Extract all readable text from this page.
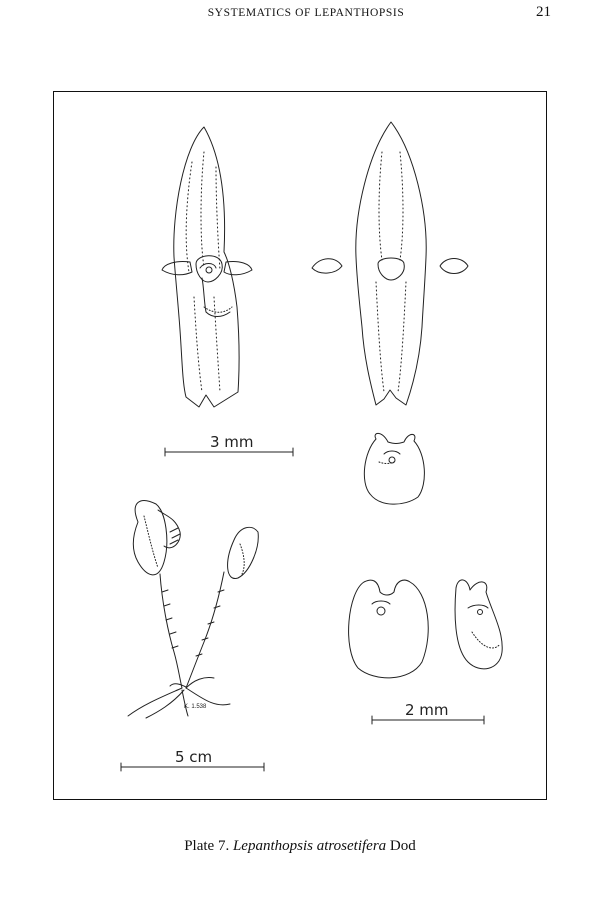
SYSTEMATICS OF LEPANTHOPSIS	21
K. 1.538
3 mm
2 mm
5 cm
Plate 7. Lepanthopsis atrosetifera Dod
